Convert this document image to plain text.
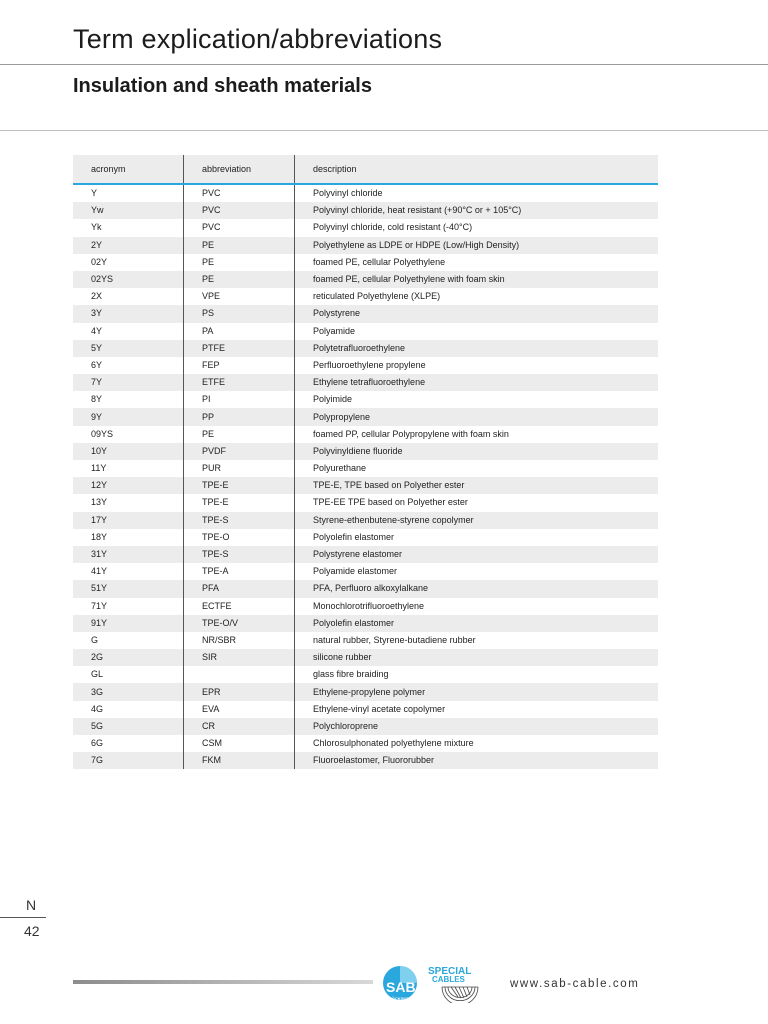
Term explication/abbreviations
Insulation and sheath materials
acronym	abbreviation	description
Y	PVC	Polyvinyl chloride
Yw	PVC	Polyvinyl chloride, heat resistant (+90°C or + 105°C)
Yk	PVC	Polyvinyl chloride, cold resistant (-40°C)
2Y	PE	Polyethylene as LDPE or HDPE (Low/High Density)
02Y	PE	foamed PE, cellular Polyethylene
02YS	PE	foamed PE, cellular Polyethylene with foam skin
2X	VPE	reticulated Polyethylene (XLPE)
3Y	PS	Polystyrene
4Y	PA	Polyamide
5Y	PTFE	Polytetrafluoroethylene
6Y	FEP	Perfluoroethylene propylene
7Y	ETFE	Ethylene tetrafluoroethylene
8Y	PI	Polyimide
9Y	PP	Polypropylene
09YS	PE	foamed PP, cellular Polypropylene with foam skin
10Y	PVDF	Polyvinyldiene fluoride
11Y	PUR	Polyurethane
12Y	TPE-E	TPE-E, TPE based on Polyether ester
13Y	TPE-E	TPE-EE TPE based on Polyether ester
17Y	TPE-S	Styrene-ethenbutene-styrene copolymer
18Y	TPE-O	Polyolefin elastomer
31Y	TPE-S	Polystyrene elastomer
41Y	TPE-A	Polyamide elastomer
51Y	PFA	PFA, Perfluoro alkoxylalkane
71Y	ECTFE	Monochlorotrifluoroethylene
91Y	TPE-O/V	Polyolefin elastomer
G	NR/SBR	natural rubber, Styrene-butadiene rubber
2G	SIR	silicone rubber
GL		glass fibre braiding
3G	EPR	Ethylene-propylene polymer
4G	EVA	Ethylene-vinyl acetate copolymer
5G	CR	Polychloroprene
6G	CSM	Chlorosulphonated polyethylene mixture
7G	FKM	Fluoroelastomer, Fluororubber
N
42
SPECIAL
CABLES
SAB
BRÖCKSKES
www.sab-cable.com
